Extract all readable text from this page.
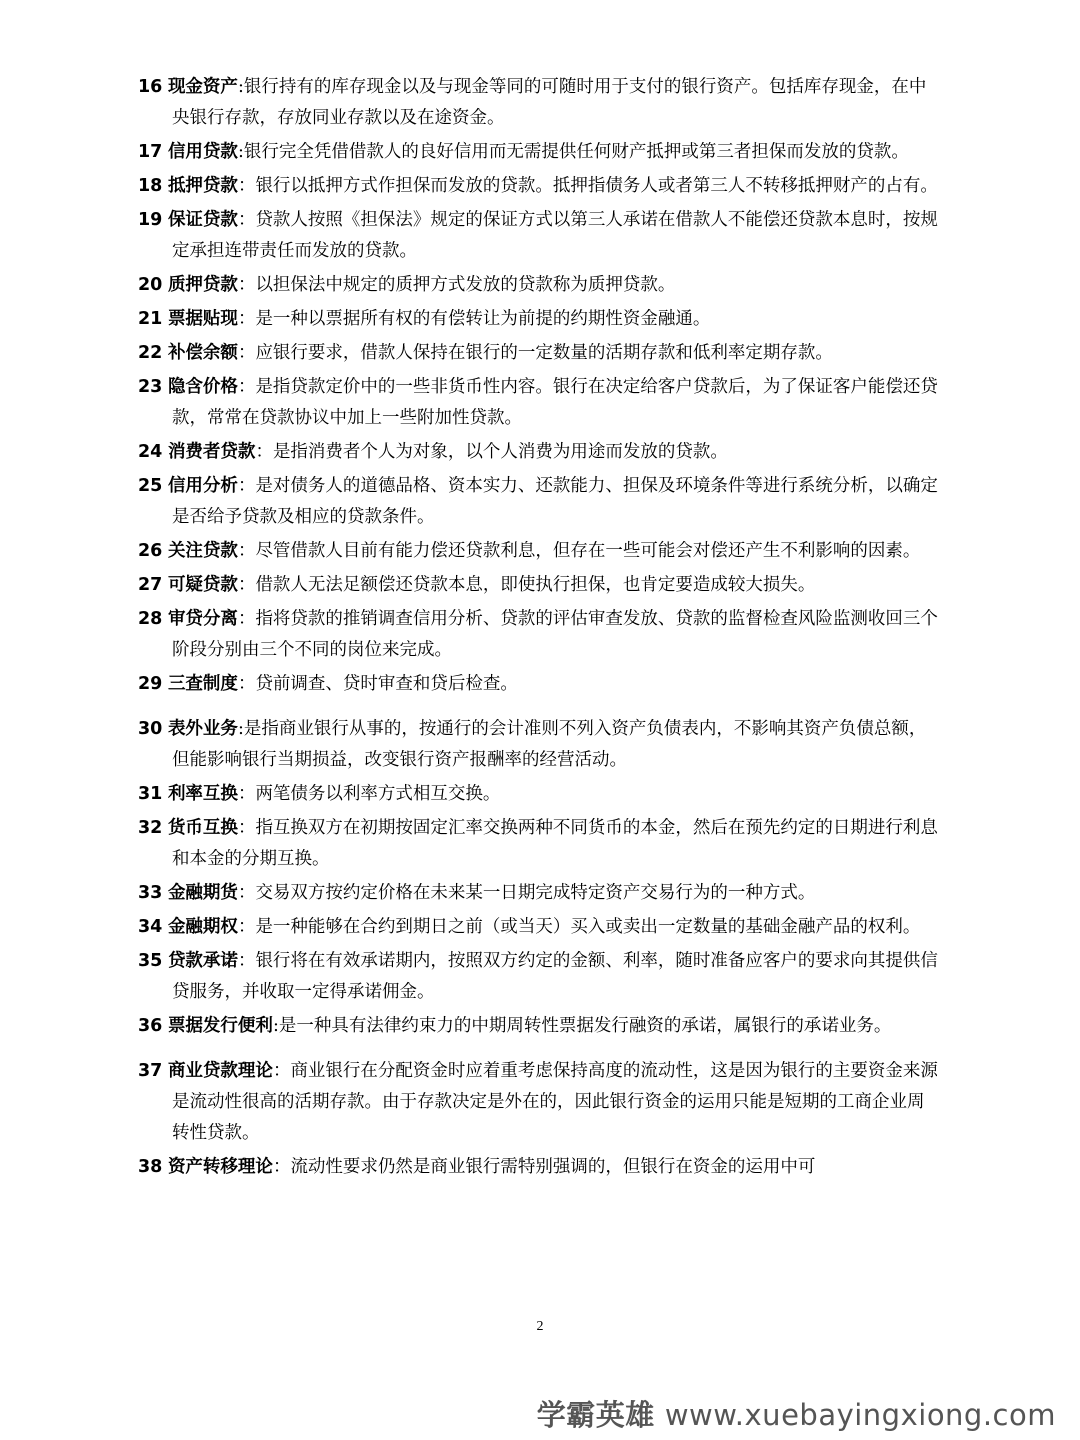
16 现金资产:银行持有的库存现金以及与现金等同的可随时用于支付的银行资产。包括库存现金，在中央银行存款，存放同业存款以及在途资金。

17 信用贷款:银行完全凭借借款人的良好信用而无需提供任何财产抵押或第三者担保而发放的贷款。

18 抵押贷款：银行以抵押方式作担保而发放的贷款。抵押指债务人或者第三人不转移抵押财产的占有。

19 保证贷款：贷款人按照《担保法》规定的保证方式以第三人承诺在借款人不能偿还贷款本息时，按规定承担连带责任而发放的贷款。

20 质押贷款：以担保法中规定的质押方式发放的贷款称为质押贷款。

21 票据贴现：是一种以票据所有权的有偿转让为前提的约期性资金融通。

22 补偿余额：应银行要求，借款人保持在银行的一定数量的活期存款和低利率定期存款。

23 隐含价格：是指贷款定价中的一些非货币性内容。银行在决定给客户贷款后，为了保证客户能偿还贷款，常常在贷款协议中加上一些附加性贷款。

24 消费者贷款：是指消费者个人为对象，以个人消费为用途而发放的贷款。

25 信用分析：是对债务人的道德品格、资本实力、还款能力、担保及环境条件等进行系统分析，以确定是否给予贷款及相应的贷款条件。

26 关注贷款：尽管借款人目前有能力偿还贷款利息，但存在一些可能会对偿还产生不利影响的因素。

27 可疑贷款：借款人无法足额偿还贷款本息，即使执行担保，也肯定要造成较大损失。

28 审贷分离：指将贷款的推销调查信用分析、贷款的评估审查发放、贷款的监督检查风险监测收回三个阶段分别由三个不同的岗位来完成。

29 三查制度：贷前调查、贷时审查和贷后检查。

30 表外业务:是指商业银行从事的，按通行的会计准则不列入资产负债表内，不影响其资产负债总额，但能影响银行当期损益，改变银行资产报酬率的经营活动。

31 利率互换：两笔债务以利率方式相互交换。

32 货币互换：指互换双方在初期按固定汇率交换两种不同货币的本金，然后在预先约定的日期进行利息和本金的分期互换。

33 金融期货：交易双方按约定价格在未来某一日期完成特定资产交易行为的一种方式。

34 金融期权：是一种能够在合约到期日之前（或当天）买入或卖出一定数量的基础金融产品的权利。

35 贷款承诺：银行将在有效承诺期内，按照双方约定的金额、利率，随时准备应客户的要求向其提供信贷服务，并收取一定得承诺佣金。

36 票据发行便利:是一种具有法律约束力的中期周转性票据发行融资的承诺，属银行的承诺业务。

37 商业贷款理论：商业银行在分配资金时应着重考虑保持高度的流动性，这是因为银行的主要资金来源是流动性很高的活期存款。由于存款决定是外在的，因此银行资金的运用只能是短期的工商企业周转性贷款。

38 资产转移理论：流动性要求仍然是商业银行需特别强调的，但银行在资金的运用中可

2
学霸英雄 www.xuebayingxiong.com
